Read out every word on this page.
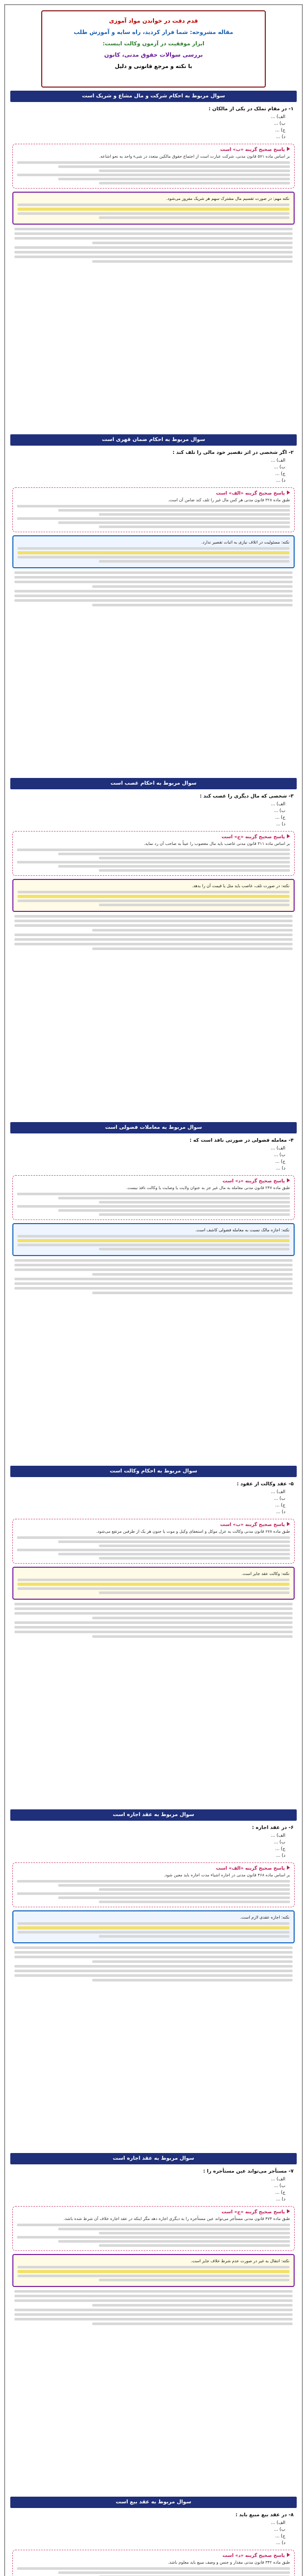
قدم دقت در خواندن مواد آموزی
مقاله مشروحه: شما فرار کردید، راه سایه و آموزش طلب
ابزار موفقیت در آزمون وکالت اینست:
بررسی سوالات حقوق مدنی، کانون
با نکته و مرجع قانونی و دلیل
سوال مربوط به احکام شرکت و مال مشاع و شریک است
۱- در مقام تملک در یکی از مالکان :
الف) ...
ب) ...
ج) ...
د) ...
پاسخ صحیح گزینه «ب» است
بر اساس ماده ۵۷۱ قانون مدنی، شرکت عبارت است از اجتماع حقوق مالکین متعدد در شیء واحد به نحو اشاعه.
نکته مهم: در صورت تقسیم مال مشترک سهم هر شریک مفروز می‌شود.
سوال مربوط به احکام ضمان قهری است
۲- اگر شخصی در اثر تقصیر خود مالی را تلف کند :
الف) ...
ب) ...
ج) ...
د) ...
پاسخ صحیح گزینه «الف» است
طبق ماده ۳۲۸ قانون مدنی هر کس مال غیر را تلف کند ضامن آن است.
نکته: مسئولیت در اتلاف نیازی به اثبات تقصیر ندارد.
سوال مربوط به احکام غصب است
۳- شخصی که مال دیگری را غصب کند :
الف) ...
ب) ...
ج) ...
د) ...
پاسخ صحیح گزینه «ج» است
بر اساس ماده ۳۱۱ قانون مدنی غاصب باید مال مغصوب را عیناً به صاحب آن رد نماید.
نکته: در صورت تلف، غاصب باید مثل یا قیمت آن را بدهد.
سوال مربوط به معاملات فضولی است
۴- معامله فضولی در صورتی نافذ است که :
الف) ...
ب) ...
ج) ...
د) ...
پاسخ صحیح گزینه «د» است
طبق ماده ۲۴۷ قانون مدنی معامله به مال غیر جز به عنوان ولایت یا وصایت یا وکالت نافذ نیست.
نکته: اجازه مالک نسبت به معامله فضولی کاشف است.
سوال مربوط به احکام وکالت است
۵- عقد وکالت از عقود :
الف) ...
ب) ...
ج) ...
د) ...
پاسخ صحیح گزینه «ب» است
طبق ماده ۶۷۸ قانون مدنی وکالت به عزل موکل و استعفای وکیل و موت یا جنون هر یک از طرفین مرتفع می‌شود.
نکته: وکالت عقد جایز است.
سوال مربوط به عقد اجاره است
۶- در عقد اجاره :
الف) ...
ب) ...
ج) ...
د) ...
پاسخ صحیح گزینه «الف» است
بر اساس ماده ۴۶۸ قانون مدنی در اجاره اشیاء مدت اجاره باید معین شود.
نکته: اجاره عقدی لازم است.
سوال مربوط به عقد اجاره است
۷- مستأجر می‌تواند عین مستأجره را :
الف) ...
ب) ...
ج) ...
د) ...
پاسخ صحیح گزینه «ج» است
طبق ماده ۴۷۴ قانون مدنی مستأجر می‌تواند عین مستأجره را به دیگری اجاره دهد مگر اینکه در عقد اجاره خلاف آن شرط شده باشد.
نکته: انتقال به غیر در صورت عدم شرط خلاف جایز است.
سوال مربوط به عقد بیع است
۸- در عقد بیع مبیع باید :
الف) ...
ب) ...
ج) ...
د) ...
پاسخ صحیح گزینه «د» است
طبق ماده ۳۴۲ قانون مدنی مقدار و جنس و وصف مبیع باید معلوم باشد.
